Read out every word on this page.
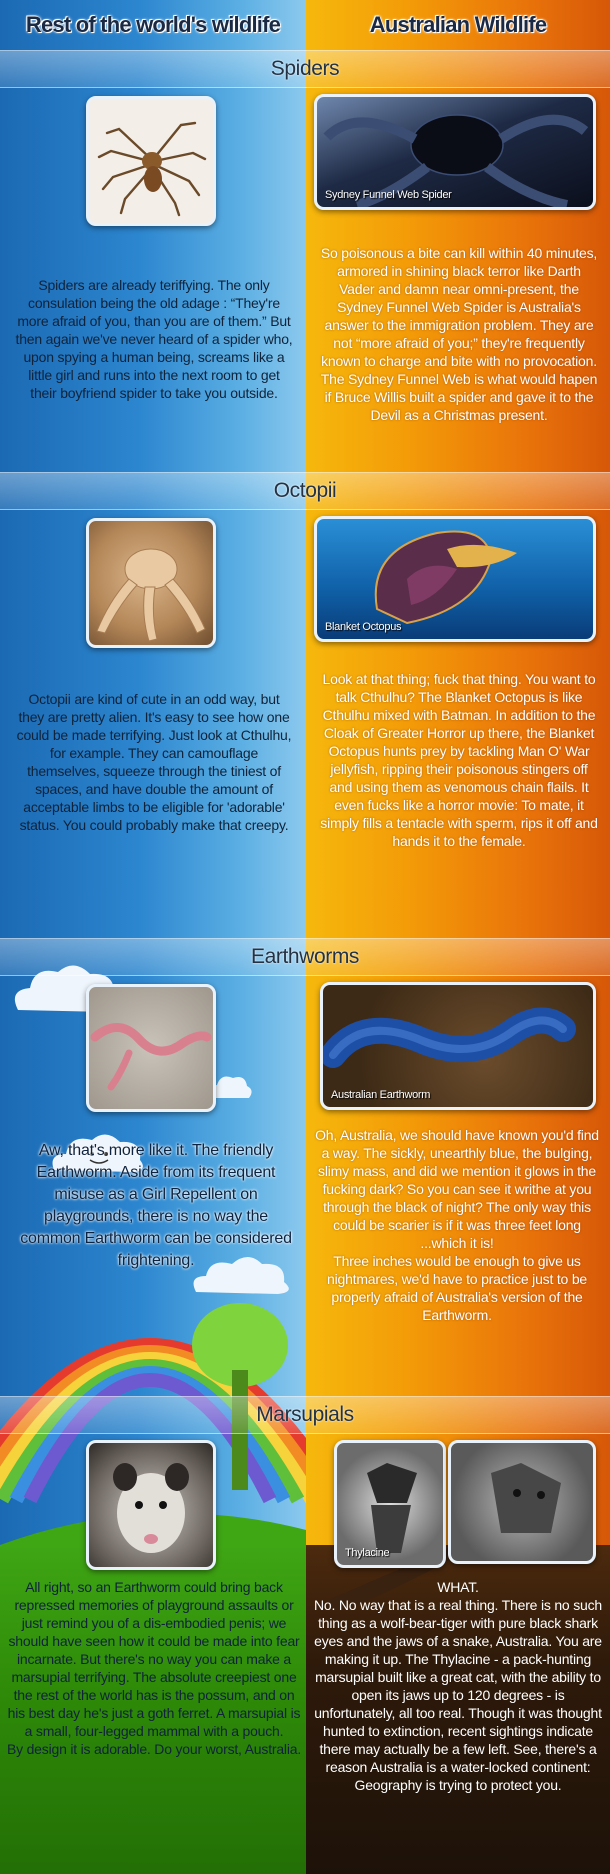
Rest of the world's wildlife	Australian Wildlife
Spiders
Sydney Funnel Web Spider
Spiders are already teriffying. The only consulation being the old adage : “They're more afraid of you, than you are of them.” But then again we've never heard of a spider who, upon spying a human being, screams like a little girl and runs into the next room to get their boyfriend spider to take you outside.
So poisonous a bite can kill within 40 minutes, armored in shining black terror like Darth Vader and damn near omni-present, the Sydney Funnel Web Spider is Australia's answer to the immigration problem. They are not “more afraid of you;” they're frequently known to charge and bite with no provocation. The Sydney Funnel Web is what would hapen if Bruce Willis built a spider and gave it to the Devil as a Christmas present.
Octopii
Blanket Octopus
Octopii are kind of cute in an odd way, but they are pretty alien. It's easy to see how one could be made terrifying. Just look at Cthulhu, for example. They can camouflage themselves, squeeze through the tiniest of spaces, and have double the amount of acceptable limbs to be eligible for 'adorable' status. You could probably make that creepy.
Look at that thing; fuck that thing. You want to talk Cthulhu? The Blanket Octopus is like Cthulhu mixed with Batman. In addition to the Cloak of Greater Horror up there, the Blanket Octopus hunts prey by tackling Man O' War jellyfish, ripping their poisonous stingers off and using them as venomous chain flails. It even fucks like a horror movie: To mate, it simply fills a tentacle with sperm, rips it off and hands it to the female.
Earthworms
Australian Earthworm
Aw, that's more like it. The friendly Earthworm. Aside from its frequent misuse as a Girl Repellent on playgrounds, there is no way the common Earthworm can be considered frightening.
Oh, Australia, we should have known you'd find a way. The sickly, unearthly blue, the bulging, slimy mass, and did we mention it glows in the fucking dark? So you can see it writhe at you through the black of night? The only way this could be scarier is if it was three feet long ...which it is!
Three inches would be enough to give us nightmares, we'd have to practice just to be properly afraid of Australia's version of the Earthworm.
Marsupials
Thylacine
All right, so an Earthworm could bring back repressed memories of playground assaults or just remind you of a dis-embodied penis; we should have seen how it could be made into fear incarnate. But there's no way you can make a marsupial terrifying. The absolute creepiest one the rest of the world has is the possum, and on his best day he's just a goth ferret. A marsupial is a small, four-legged mammal with a pouch.
By design it is adorable. Do your worst, Australia.
WHAT.
No. No way that is a real thing. There is no such thing as a wolf-bear-tiger with pure black shark eyes and the jaws of a snake, Australia. You are making it up. The Thylacine - a pack-hunting marsupial built like a great cat, with the ability to open its jaws up to 120 degrees - is unfortunately, all too real. Though it was thought hunted to extinction, recent sightings indicate there may actually be a few left. See, there's a reason Australia is a water-locked continent: Geography is trying to protect you.
